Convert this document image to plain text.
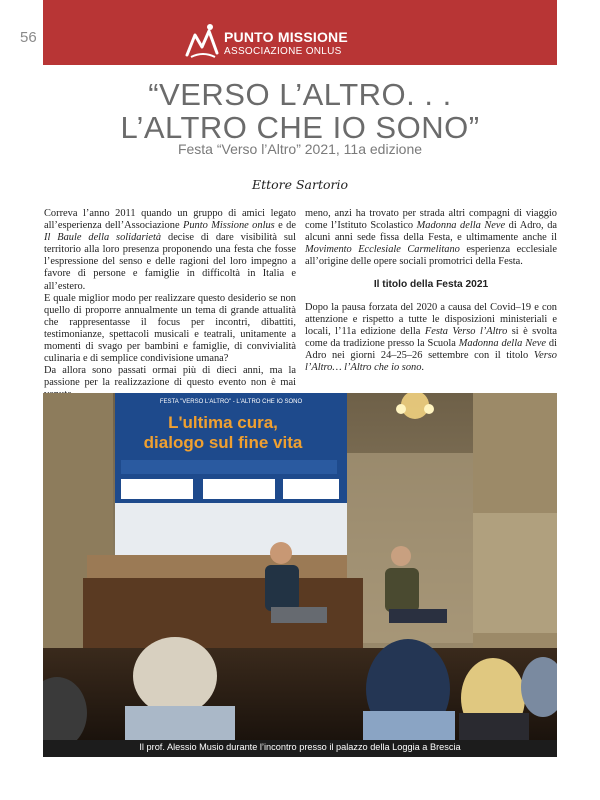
56	PUNTO MISSIONE
ASSOCIAZIONE ONLUS
“VERSO L’ALTRO. . .
L’ALTRO CHE IO SONO”
Festa “Verso l’Altro” 2021, 11a edizione
Ettore Sartorio

Correva l’anno 2011 quando un gruppo di amici legato all’esperienza dell’Associazione Punto Missione onlus e de Il Baule della solidarietà decise di dare visibilità sul territorio alla loro presenza proponendo una festa che fosse l’espressione del senso e delle ragioni del loro impegno a favore di persone e famiglie in difficoltà in Italia e all’estero.

E quale miglior modo per realizzare questo desiderio se non quello di proporre annualmente un tema di grande attualità che rappresentasse il focus per incontri, dibattiti, testimonianze, spettacoli musicali e teatrali, unitamente a momenti di svago per bambini e famiglie, di convivialità culinaria e di semplice condivisione umana?

Da allora sono passati ormai più di dieci anni, ma la passione per la realizzazione di questo evento non è mai

meno, anzi ha trovato per strada altri compagni di viaggio come l’Istituto Scolastico Madonna della Neve di Adro, da alcuni anni sede fissa della Festa, e ultimamente anche il Movimento Ecclesiale Carmelitano esperienza ecclesiale all’origine delle opere sociali promotrici della Festa.

Il titolo della Festa 2021

Dopo la pausa forzata del 2020 a causa del Covid–19 e con attenzione e rispetto a tutte le disposizioni ministeriali e locali, l’11a edizione della Festa Verso l’Altro si è svolta come da tradizione presso la Scuola Madonna della Neve di Adro nei giorni 24–25–26 settembre con il titolo Verso l’Altro… l’Altro che io sono.

FESTA "VERSO L'ALTRO" - L'ALTRO CHE IO SONO
L'ultima cura,
dialogo sul fine vita
Il prof. Alessio Musio durante l’incontro presso il palazzo della Loggia a Brescia
